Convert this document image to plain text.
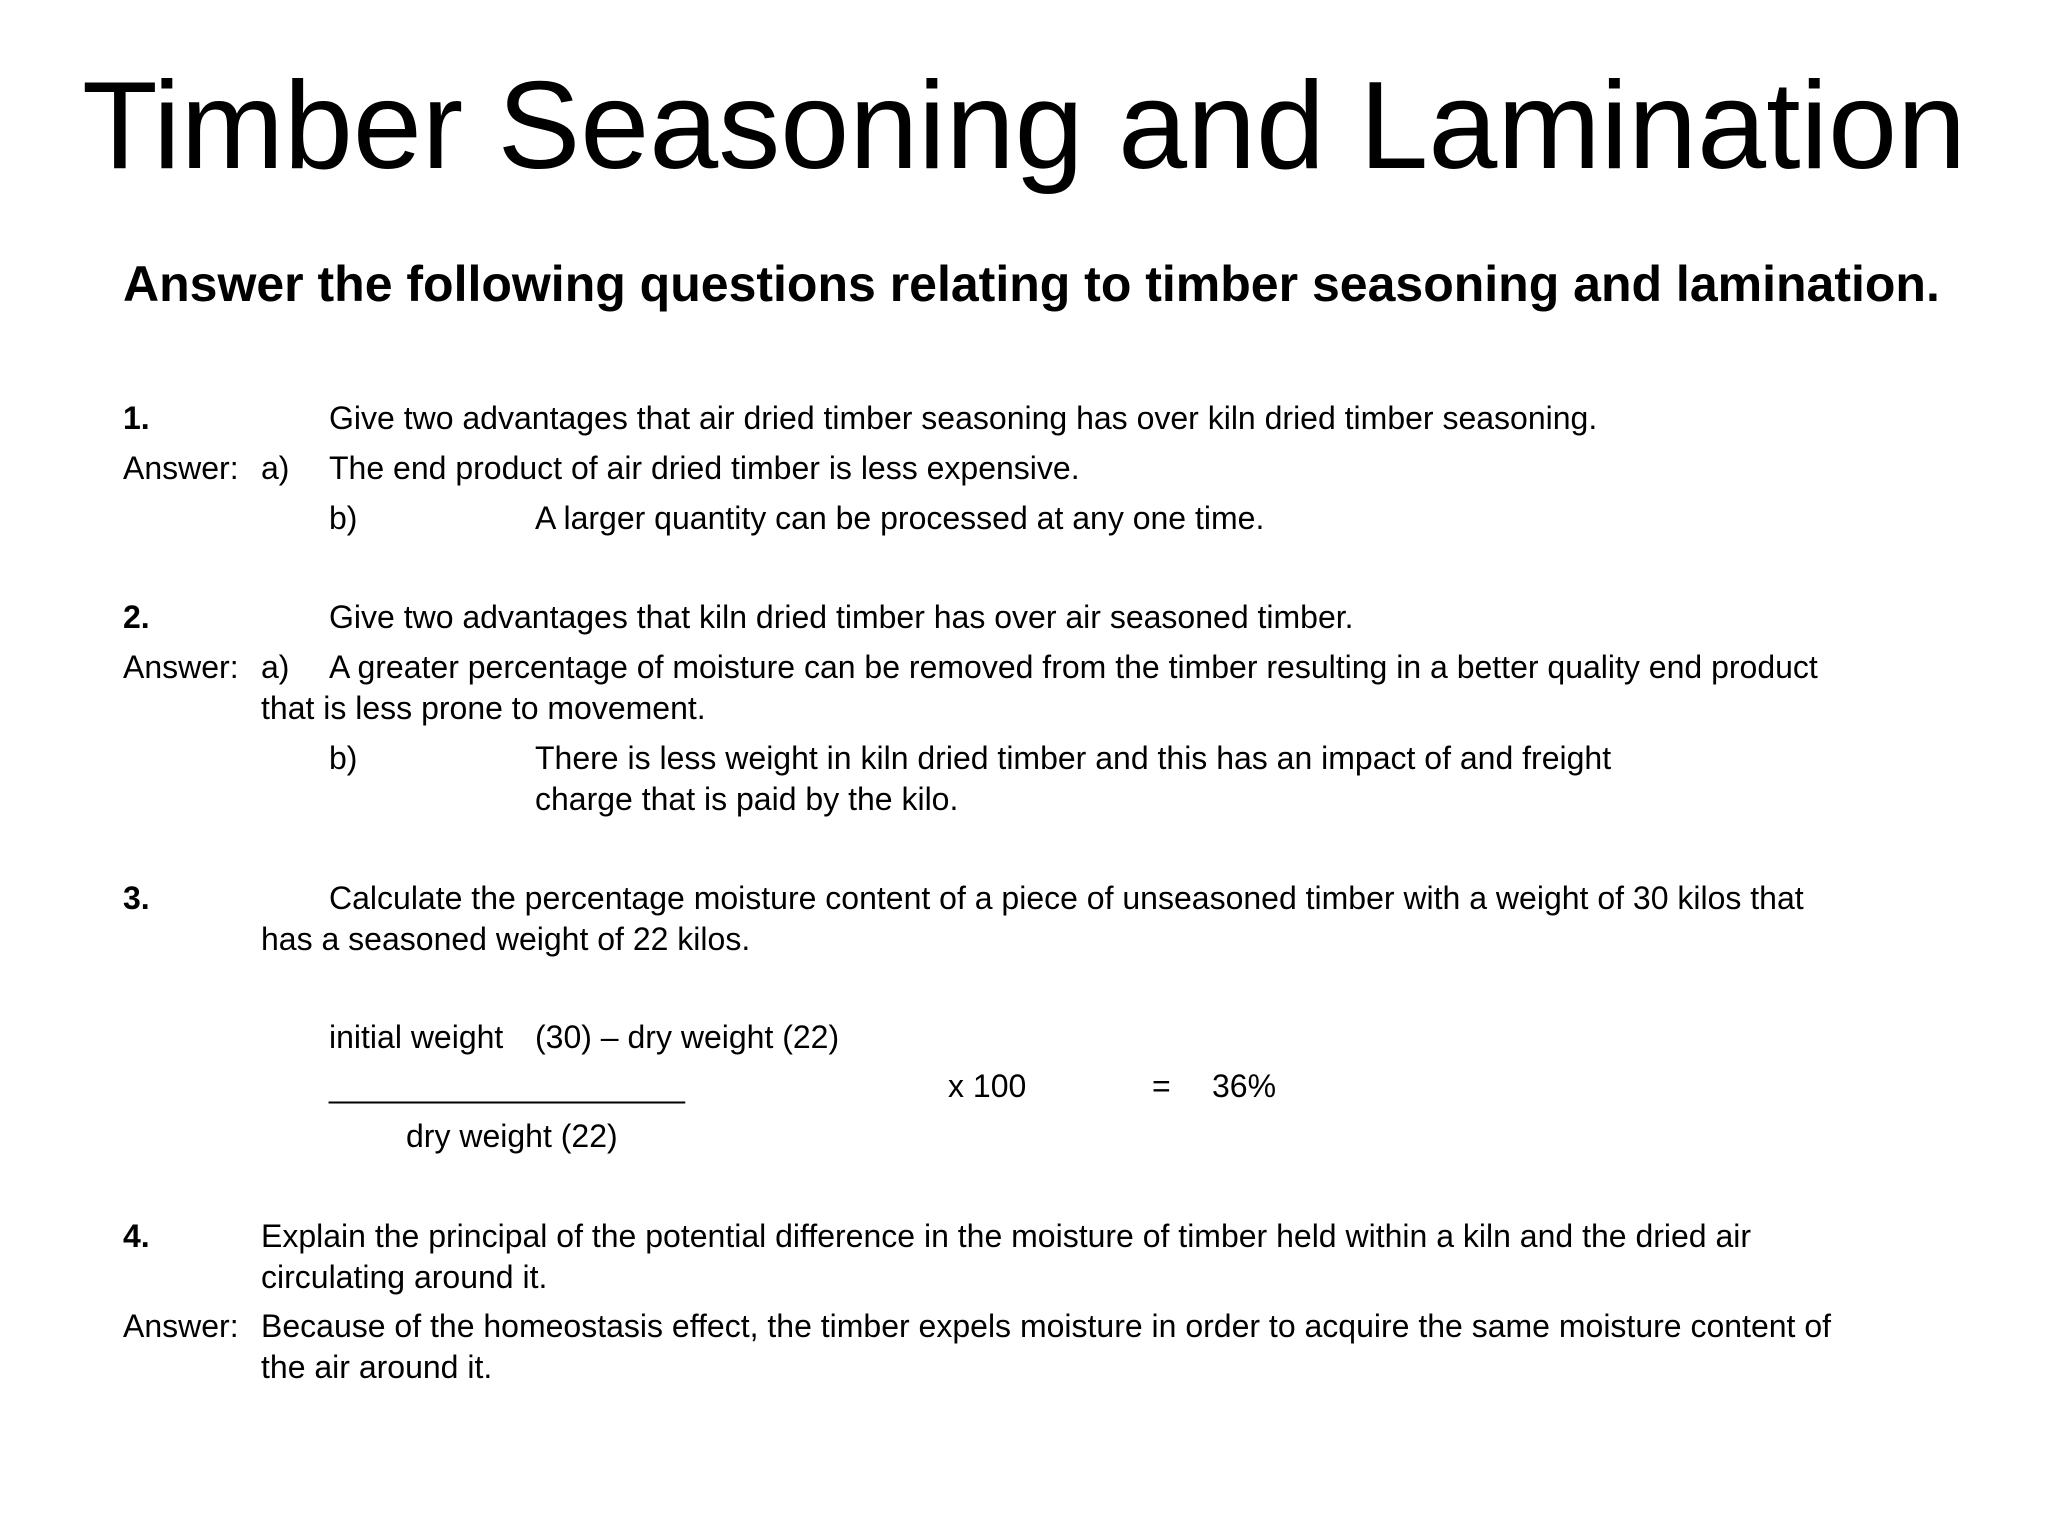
Timber Seasoning and Lamination
Answer the following questions relating to timber seasoning and lamination.
1.	Give two advantages that air dried timber seasoning has over kiln dried timber seasoning.
Answer: a) The end product of air dried timber is less expensive.
b)	A larger quantity can be processed at any one time.
2.	Give two advantages that kiln dried timber has over air seasoned timber.
Answer: a) A greater percentage of moisture can be removed from the timber resulting in a better quality end product
that is less prone to movement.
b)	There is less weight in kiln dried timber and this has an impact of and freight
charge that is paid by the kilo.
3.	Calculate the percentage moisture content of a piece of unseasoned timber with a weight of 30 kilos that
has a seasoned weight of 22 kilos.
initial weight (30) – dry weight (22)
____________________	x 100	= 36%
dry weight (22)
4.	Explain the principal of the potential difference in the moisture of timber held within a kiln and the dried air
circulating around it.
Answer: Because of the homeostasis effect, the timber expels moisture in order to acquire the same moisture content of
the air around it.
